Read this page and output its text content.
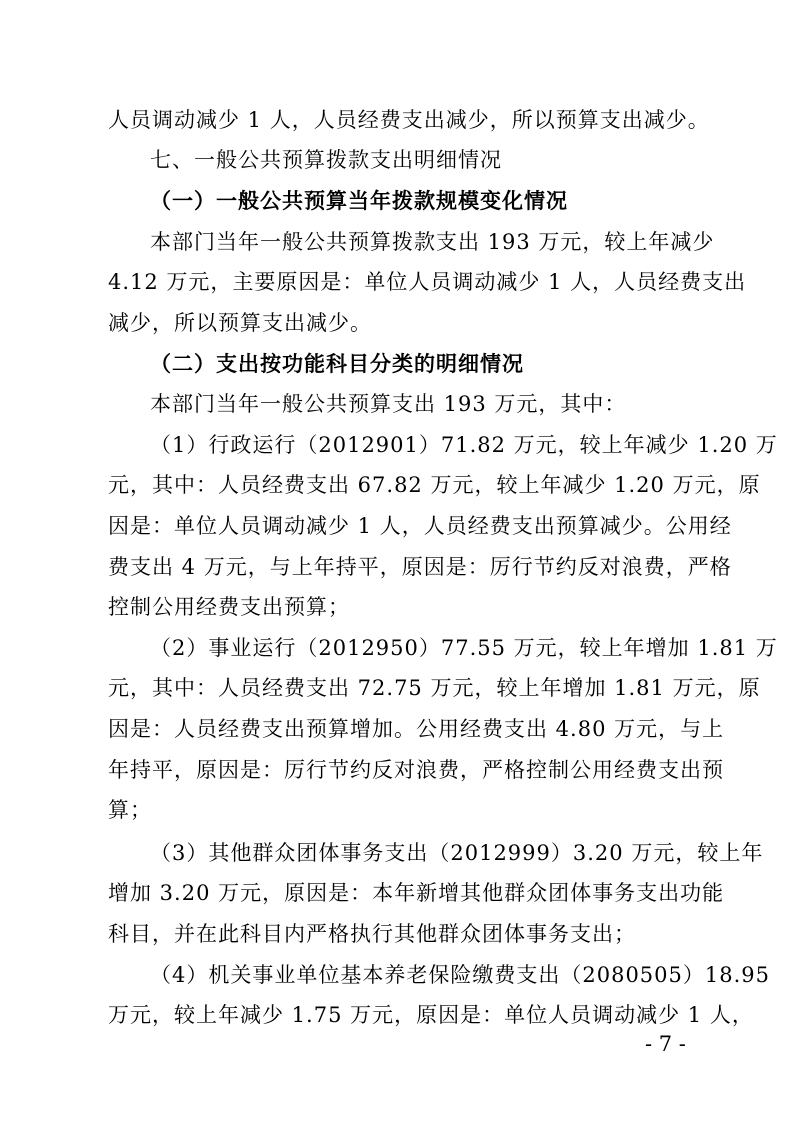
人员调动减少 1 人，人员经费支出减少，所以预算支出减少。
七、一般公共预算拨款支出明细情况
（一）一般公共预算当年拨款规模变化情况
本部门当年一般公共预算拨款支出 193 万元，较上年减少
4.12 万元，主要原因是：单位人员调动减少 1 人，人员经费支出
减少，所以预算支出减少。
（二）支出按功能科目分类的明细情况
本部门当年一般公共预算支出 193 万元，其中：
（1）行政运行（2012901）71.82 万元，较上年减少 1.20 万
元，其中：人员经费支出 67.82 万元，较上年减少 1.20 万元，原
因是：单位人员调动减少 1 人，人员经费支出预算减少。公用经
费支出 4 万元，与上年持平，原因是：厉行节约反对浪费，严格
控制公用经费支出预算；
（2）事业运行（2012950）77.55 万元，较上年增加 1.81 万
元，其中：人员经费支出 72.75 万元，较上年增加 1.81 万元，原
因是：人员经费支出预算增加。公用经费支出 4.80 万元，与上
年持平，原因是：厉行节约反对浪费，严格控制公用经费支出预
算；
（3）其他群众团体事务支出（2012999）3.20 万元，较上年
增加 3.20 万元，原因是：本年新增其他群众团体事务支出功能
科目，并在此科目内严格执行其他群众团体事务支出；
（4）机关事业单位基本养老保险缴费支出（2080505）18.95
万元，较上年减少 1.75 万元，原因是：单位人员调动减少 1 人，
- 7 -
